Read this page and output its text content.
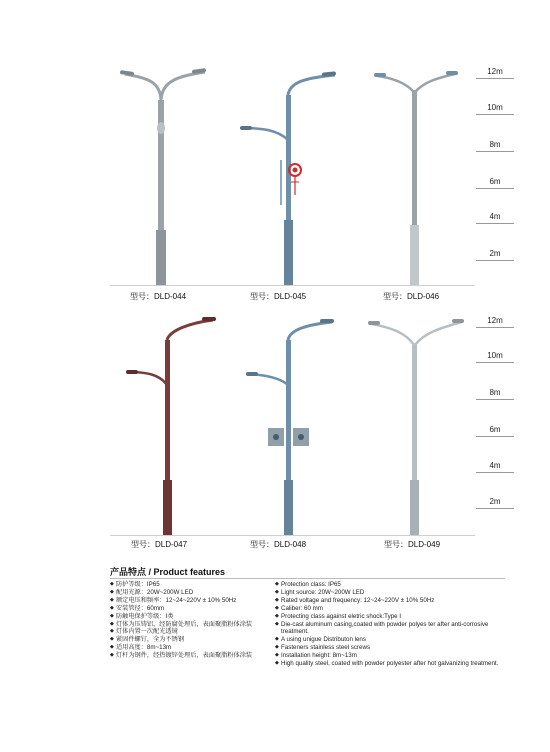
12m
10m
8m
6m
4m
2m
12m
10m
8m
6m
4m
2m
型号：DLD-044	型号：DLD-045	型号：DLD-046
型号：DLD-047	型号：DLD-048	型号：DLD-049
产品特点 / Product features
◆ 防护等级：IP65
◆ 配用光源：20W~200W LED
◆ 额定电压和频率：12~24~220V ± 10% 50Hz
◆ 安装管径：60mm
◆ 防触电保护等级：Ⅰ类
◆ 灯体为压铸铝，经防腐处理后，表面聚脂粉体涂装
◆ 灯体内置一次配光透镜
◆ 紧固件螺钉，全为不锈钢
◆ 适用高度：8m~13m
◆ 灯杆为钢件，经热镀锌处理后，表面聚脂粉体涂装
◆ Protection class: IP65
◆ Light source: 20W~200W LED
◆ Rated voltage and frequency: 12~24~220V ± 10% 50Hz
◆ Caliber: 60 mm
◆ Protecting class against eletric shock:Type Ⅰ
◆ Die-cast aluminum casing,coated with powder polyes ter after anti-corrosive treatment.
◆ A using unigue Distributon lens
◆ Fasteners stainless steel screws
◆ Installation height: 8m~13m
◆ High quality steel, coated with powder polyester after hot galvanizing treatment.
